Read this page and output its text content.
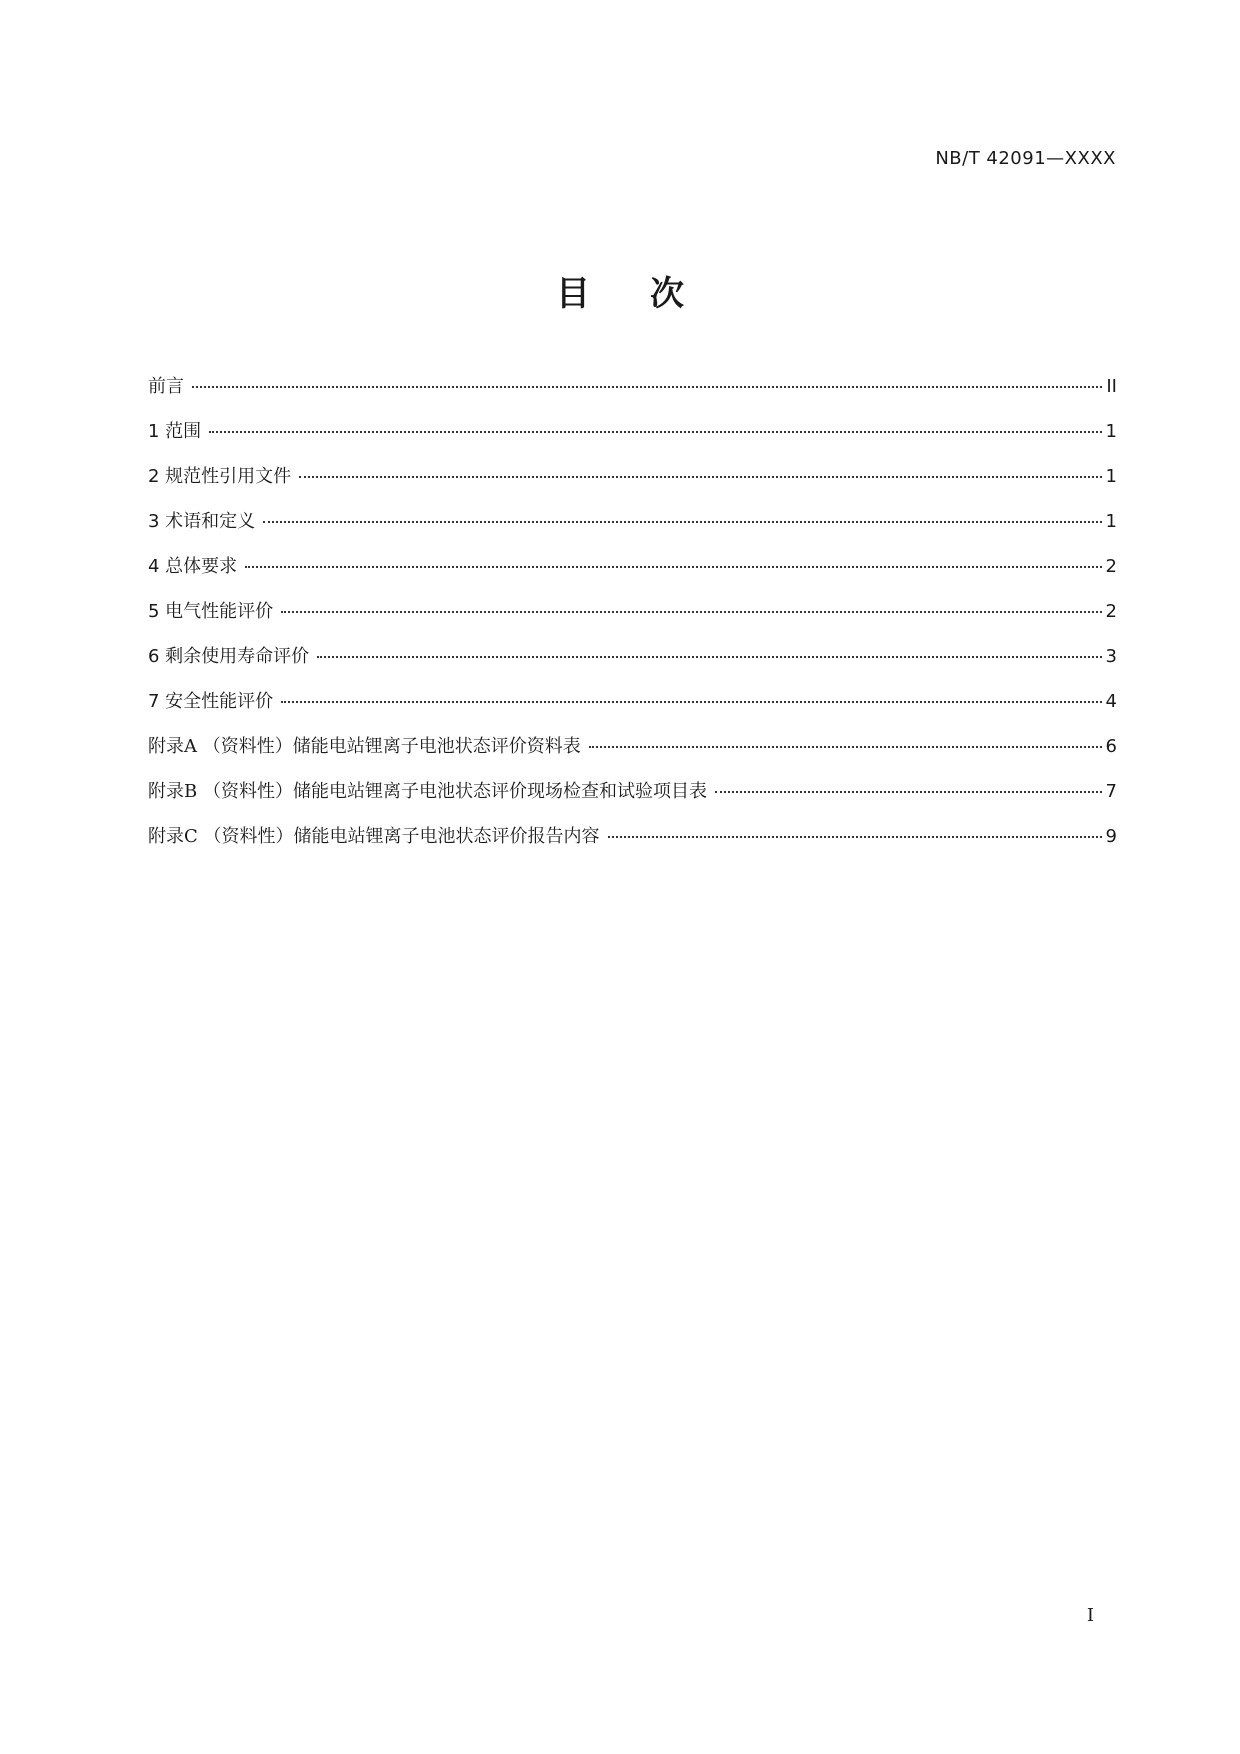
NB/T 42091—XXXX
目次
前言	II
1 范围	1
2 规范性引用文件	1
3 术语和定义	1
4 总体要求	2
5 电气性能评价	2
6 剩余使用寿命评价	3
7 安全性能评价	4
附录A （资料性）储能电站锂离子电池状态评价资料表	6
附录B （资料性）储能电站锂离子电池状态评价现场检查和试验项目表	7
附录C （资料性）储能电站锂离子电池状态评价报告内容	9
I
